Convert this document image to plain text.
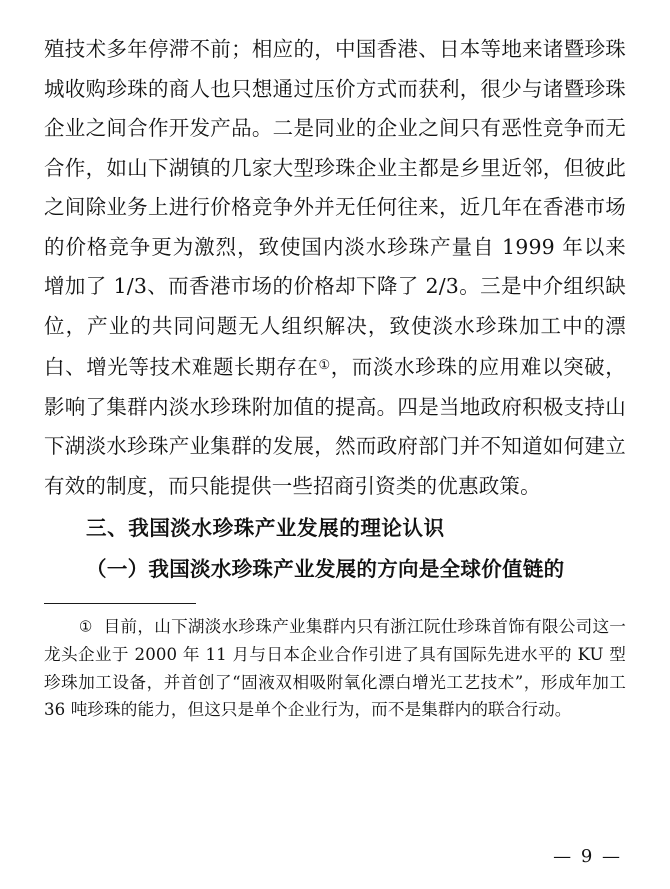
殖技术多年停滞不前；相应的，中国香港、日本等地来诸暨珍珠城收购珍珠的商人也只想通过压价方式而获利，很少与诸暨珍珠企业之间合作开发产品。二是同业的企业之间只有恶性竞争而无合作，如山下湖镇的几家大型珍珠企业主都是乡里近邻，但彼此之间除业务上进行价格竞争外并无任何往来，近几年在香港市场的价格竞争更为激烈，致使国内淡水珍珠产量自 1999 年以来增加了 1/3、而香港市场的价格却下降了 2/3。三是中介组织缺位，产业的共同问题无人组织解决，致使淡水珍珠加工中的漂白、增光等技术难题长期存在①，而淡水珍珠的应用难以突破，影响了集群内淡水珍珠附加值的提高。四是当地政府积极支持山下湖淡水珍珠产业集群的发展，然而政府部门并不知道如何建立有效的制度，而只能提供一些招商引资类的优惠政策。

三、我国淡水珍珠产业发展的理论认识
（一）我国淡水珍珠产业发展的方向是全球价值链的

① 目前，山下湖淡水珍珠产业集群内只有浙江阮仕珍珠首饰有限公司这一龙头企业于 2000 年 11 月与日本企业合作引进了具有国际先进水平的 KU 型珍珠加工设备，并首创了“固液双相吸附氧化漂白增光工艺技术”，形成年加工 36 吨珍珠的能力，但这只是单个企业行为，而不是集群内的联合行动。

— 9 —
